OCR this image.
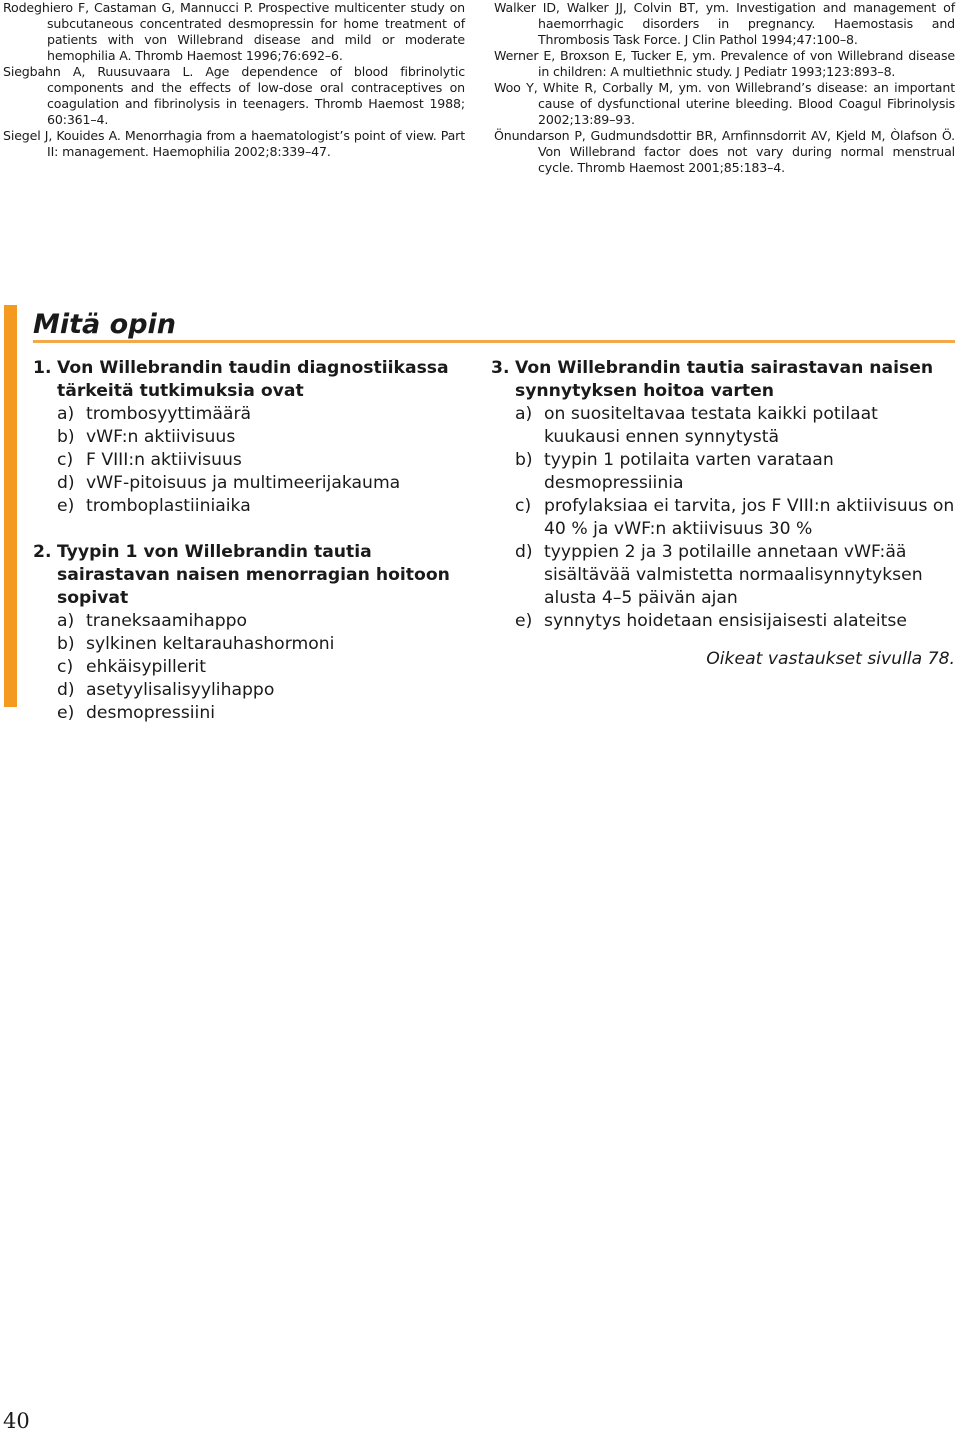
Rodeghiero F, Castaman G, Mannucci P. Prospective multicenter study on subcutaneous concentrated desmopressin for home treatment of patients with von Willebrand disease and mild or moderate hemophilia A. Thromb Haemost 1996;76:692–6.

Siegbahn A, Ruusuvaara L. Age dependence of blood fibrinolytic components and the effects of low-dose oral contraceptives on coagulation and fibrinolysis in teenagers. Thromb Haemost 1988; 60:361–4.

Siegel J, Kouides A. Menorrhagia from a haematologist’s point of view. Part II: management. Haemophilia 2002;8:339–47.

Walker ID, Walker JJ, Colvin BT, ym. Investigation and management of haemorrhagic disorders in pregnancy. Haemostasis and Thrombosis Task Force. J Clin Pathol 1994;47:100–8.

Werner E, Broxson E, Tucker E, ym. Prevalence of von Willebrand disease in children: A multiethnic study. J Pediatr 1993;123:893–8.

Woo Y, White R, Corbally M, ym. von Willebrand’s disease: an important cause of dysfunctional uterine bleeding. Blood Coagul Fibrinolysis 2002;13:89–93.

Önundarson P, Gudmundsdottir BR, Arnfinnsdorrit AV, Kjeld M, Òlafson Ö. Von Willebrand factor does not vary during normal menstrual cycle. Thromb Haemost 2001;85:183–4.

Mitä opin
1. Von Willebrandin taudin diagnostiikassa tärkeitä tutkimuksia ovat
a) trombosyyttimäärä
b) vWF:n aktiivisuus
c) F VIII:n aktiivisuus
d) vWF-pitoisuus ja multimeerijakauma
e) tromboplastiiniaika
2. Tyypin 1 von Willebrandin tautia sairastavan naisen menorragian hoitoon sopivat
a) traneksaamihappo
b) sylkinen keltarauhashormoni
c) ehkäisypillerit
d) asetyylisalisyylihappo
e) desmopressiini
3. Von Willebrandin tautia sairastavan naisen synnytyksen hoitoa varten
a) on suositeltavaa testata kaikki potilaat kuukausi ennen synnytystä
b) tyypin 1 potilaita varten varataan desmopressiinia
c) profylaksiaa ei tarvita, jos F VIII:n aktiivisuus on 40 % ja vWF:n aktiivisuus 30 %
d) tyyppien 2 ja 3 potilaille annetaan vWF:ää sisältävää valmistetta normaalisynnytyksen alusta 4–5 päivän ajan
e) synnytys hoidetaan ensisijaisesti alateitse
Oikeat vastaukset sivulla 78.
40
